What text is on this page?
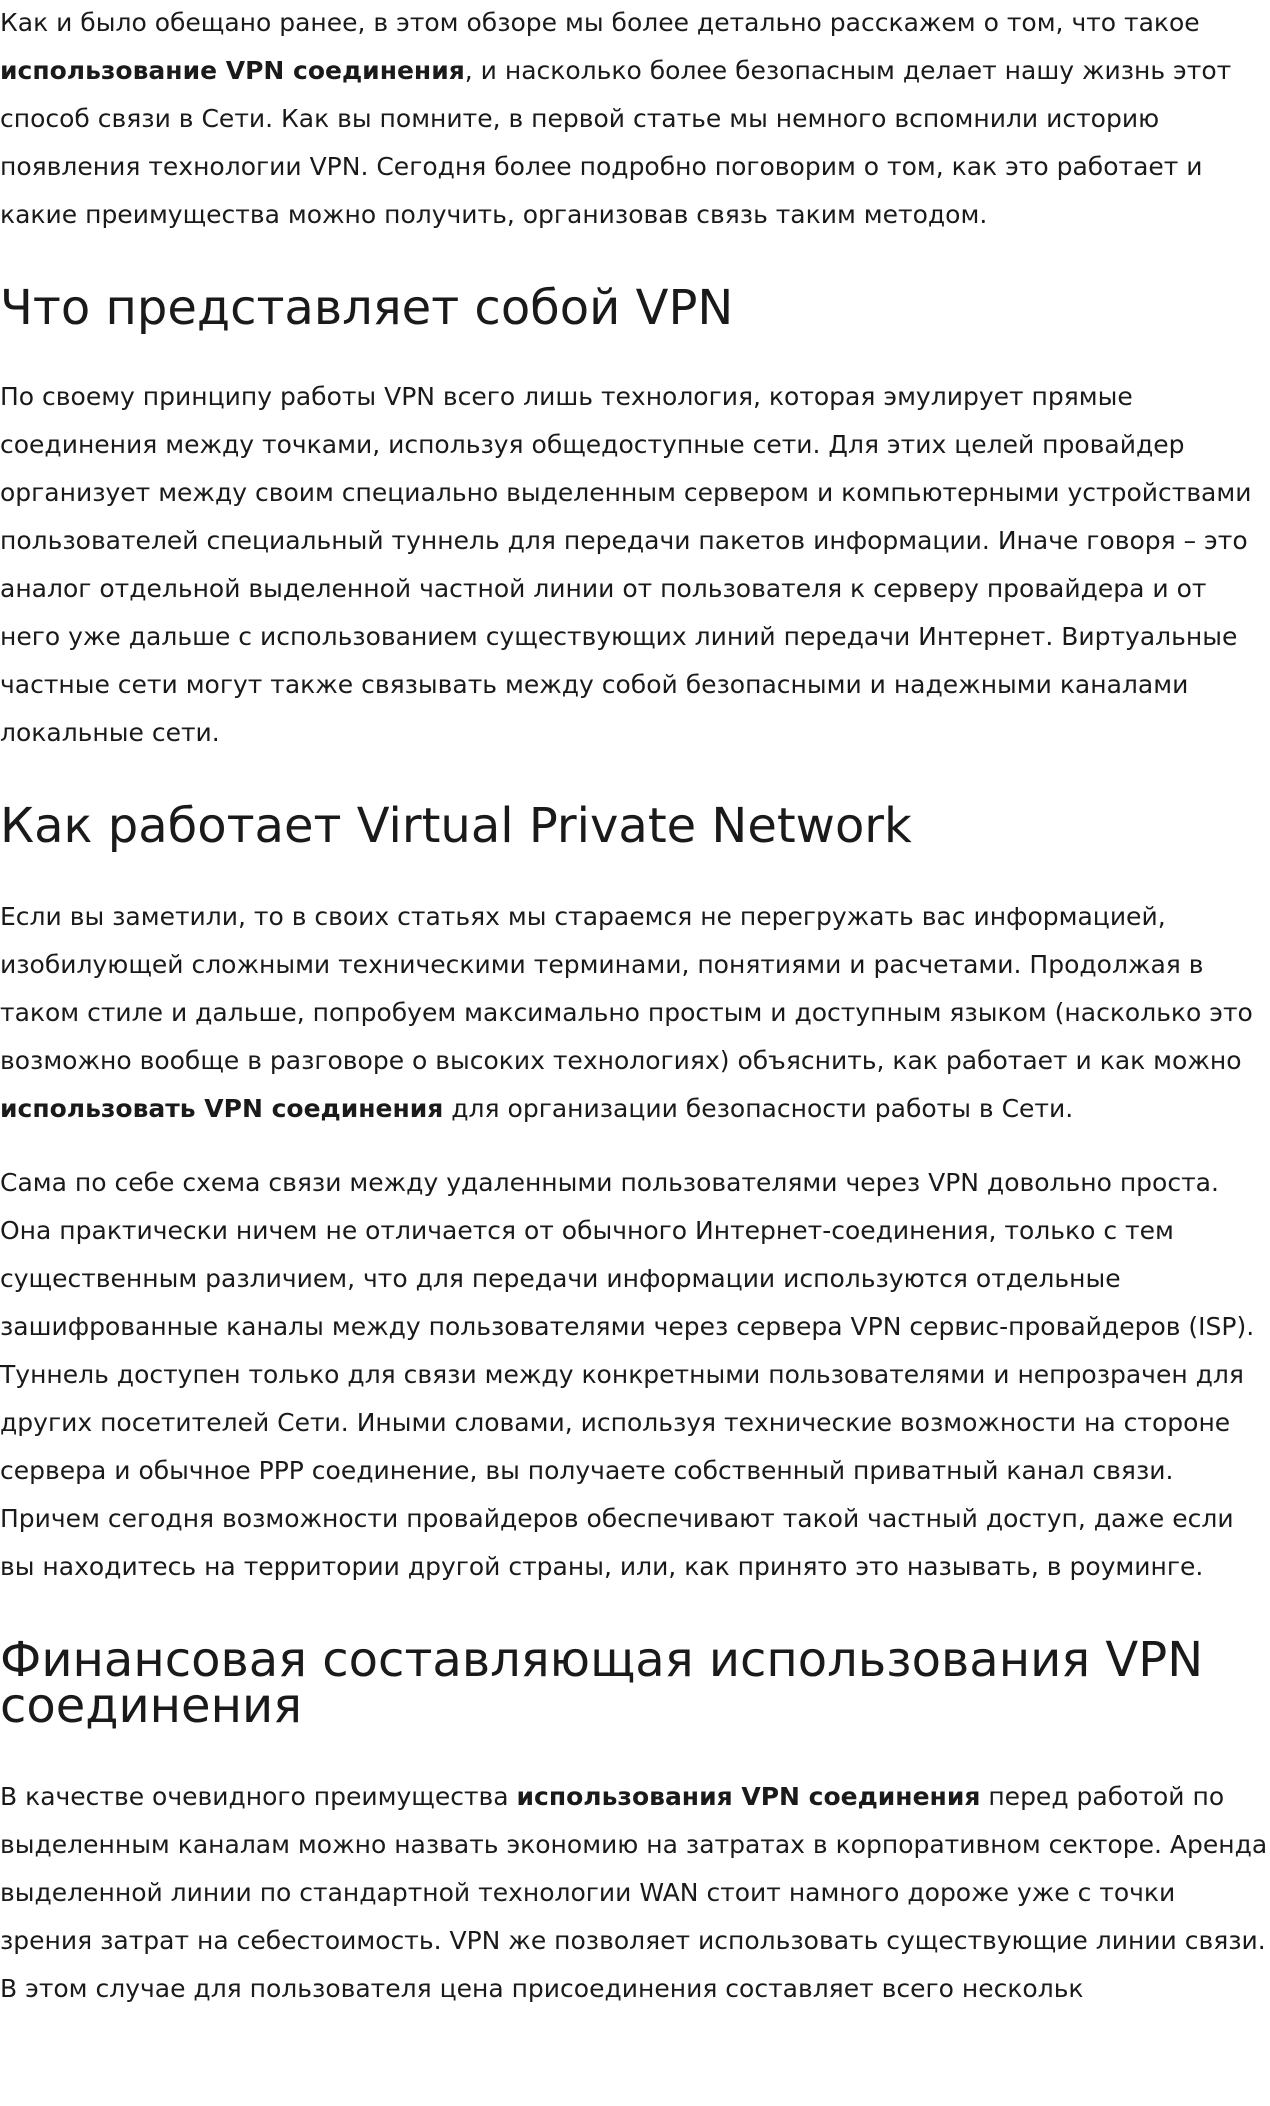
Как и было обещано ранее, в этом обзоре мы более детально расскажем о том, что такое использование VPN соединения, и насколько более безопасным делает нашу жизнь этот способ связи в Сети. Как вы помните, в первой статье мы немного вспомнили историю появления технологии VPN. Сегодня более подробно поговорим о том, как это работает и какие преимущества можно получить, организовав связь таким методом.

Что представляет собой VPN

По своему принципу работы VPN всего лишь технология, которая эмулирует прямые соединения между точками, используя общедоступные сети. Для этих целей провайдер организует между своим специально выделенным сервером и компьютерными устройствами пользователей специальный туннель для передачи пакетов информации. Иначе говоря – это аналог отдельной выделенной частной линии от пользователя к серверу провайдера и от него уже дальше с использованием существующих линий передачи Интернет. Виртуальные частные сети могут также связывать между собой безопасными и надежными каналами локальные сети.

Как работает Virtual Private Network

Если вы заметили, то в своих статьях мы стараемся не перегружать вас информацией, изобилующей сложными техническими терминами, понятиями и расчетами. Продолжая в таком стиле и дальше, попробуем максимально простым и доступным языком (насколько это возможно вообще в разговоре о высоких технологиях) объяснить, как работает и как можно использовать VPN соединения для организации безопасности работы в Сети.

Сама по себе схема связи между удаленными пользователями через VPN довольно проста. Она практически ничем не отличается от обычного Интернет-соединения, только с тем существенным различием, что для передачи информации используются отдельные зашифрованные каналы между пользователями через сервера VPN сервис-провайдеров (ISP). Туннель доступен только для связи между конкретными пользователями и непрозрачен для других посетителей Сети. Иными словами, используя технические возможности на стороне сервера и обычное PPP соединение, вы получаете собственный приватный канал связи. Причем сегодня возможности провайдеров обеспечивают такой частный доступ, даже если вы находитесь на территории другой страны, или, как принято это называть, в роуминге.

Финансовая составляющая использования VPN соединения

В качестве очевидного преимущества использования VPN соединения перед работой по выделенным каналам можно назвать экономию на затратах в корпоративном секторе. Аренда выделенной линии по стандартной технологии WAN стоит намного дороже уже с точки зрения затрат на себестоимость. VPN же позволяет использовать существующие линии связи. В этом случае для пользователя цена присоединения составляет всего нескольк
